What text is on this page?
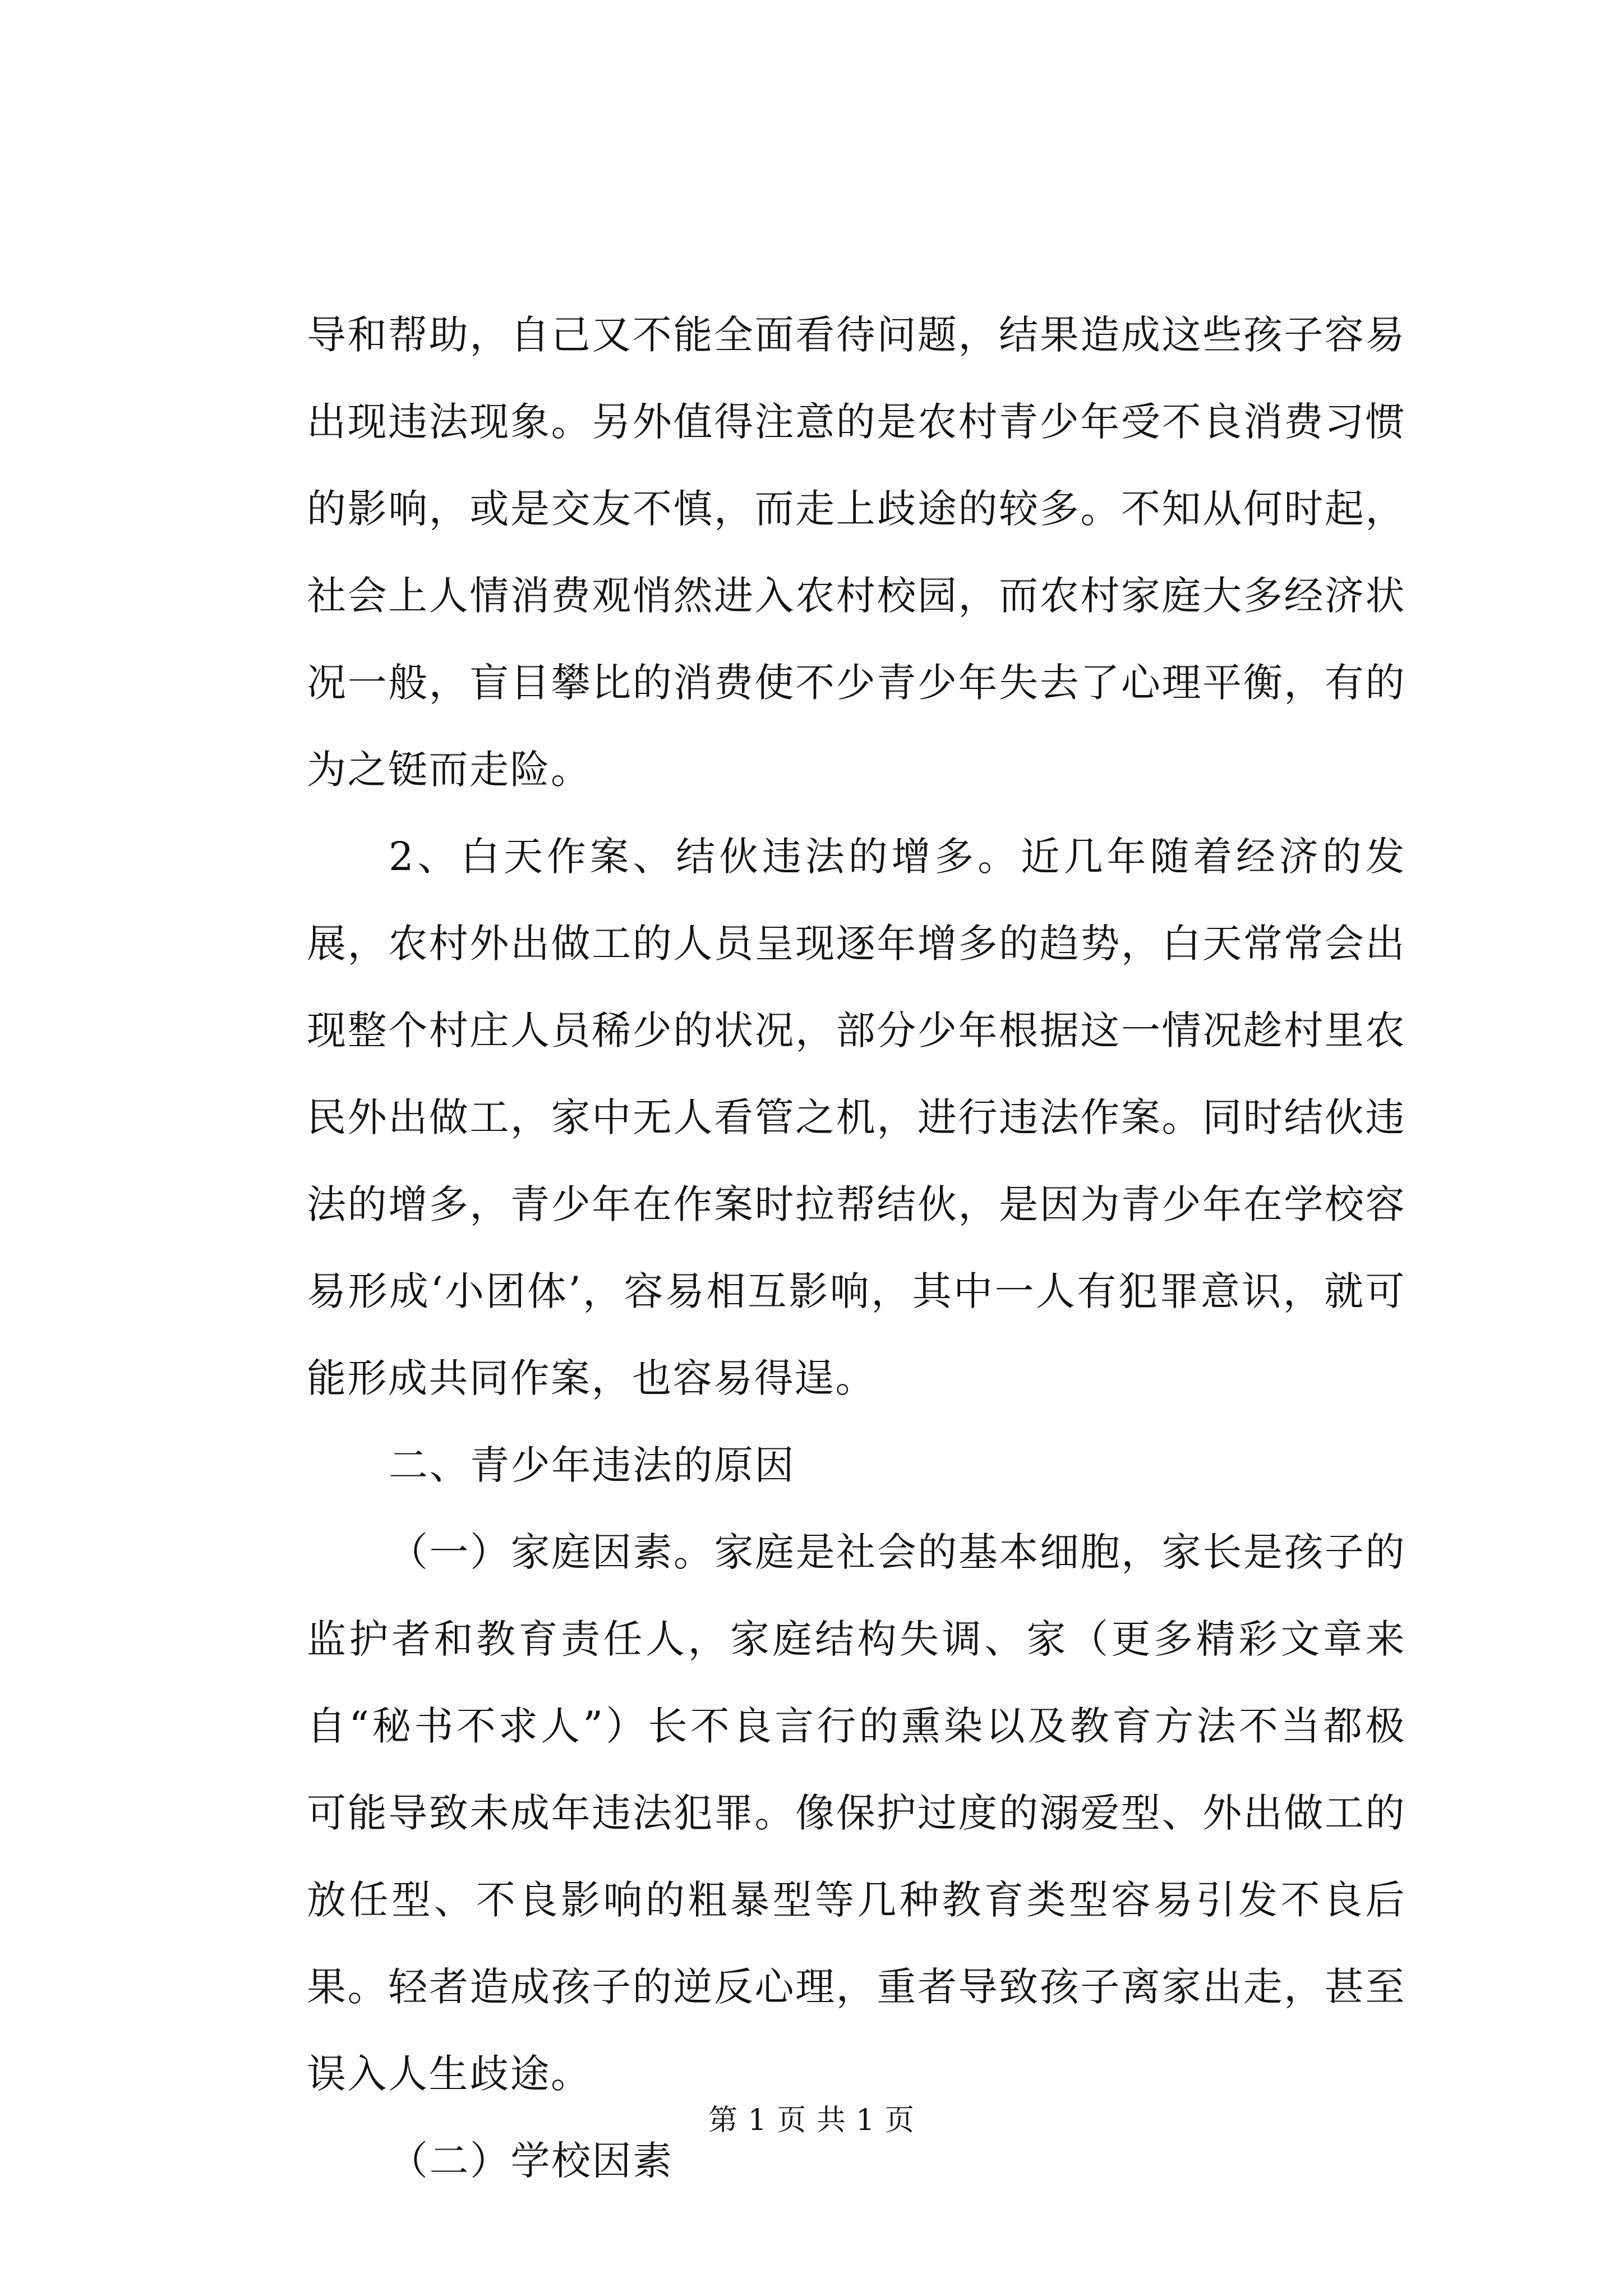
导和帮助，自己又不能全面看待问题，结果造成这些孩子容易出现违法现象。另外值得注意的是农村青少年受不良消费习惯的影响，或是交友不慎，而走上歧途的较多。不知从何时起，社会上人情消费观悄然进入农村校园，而农村家庭大多经济状况一般，盲目攀比的消费使不少青少年失去了心理平衡，有的为之铤而走险。

2、白天作案、结伙违法的增多。近几年随着经济的发展，农村外出做工的人员呈现逐年增多的趋势，白天常常会出现整个村庄人员稀少的状况，部分少年根据这一情况趁村里农民外出做工，家中无人看管之机，进行违法作案。同时结伙违法的增多，青少年在作案时拉帮结伙，是因为青少年在学校容易形成‘小团体’，容易相互影响，其中一人有犯罪意识，就可能形成共同作案，也容易得逞。

二、青少年违法的原因

（一）家庭因素。家庭是社会的基本细胞，家长是孩子的监护者和教育责任人，家庭结构失调、家（更多精彩文章来自“秘书不求人”）长不良言行的熏染以及教育方法不当都极可能导致未成年违法犯罪。像保护过度的溺爱型、外出做工的放任型、不良影响的粗暴型等几种教育类型容易引发不良后果。轻者造成孩子的逆反心理，重者导致孩子离家出走，甚至误入人生歧途。

（二）学校因素

第 1 页 共 1 页
